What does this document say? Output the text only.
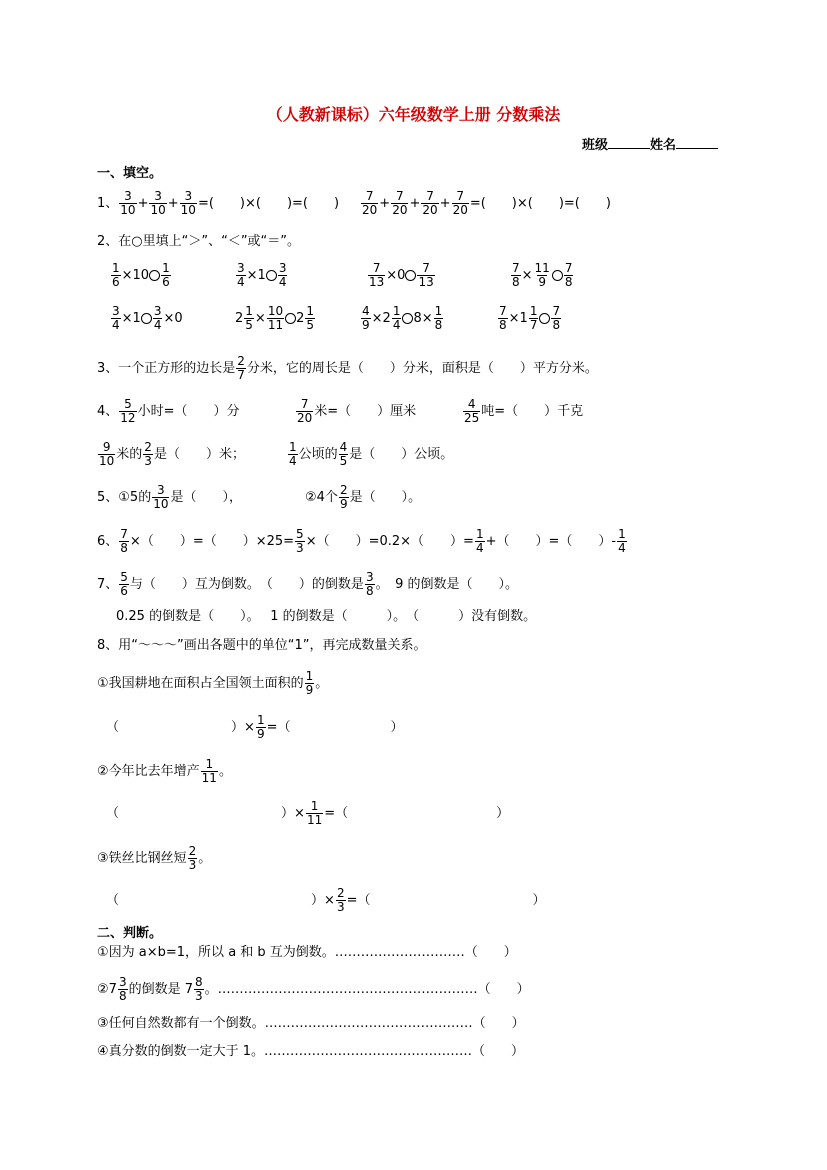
（人教新课标）六年级数学上册 分数乘法
班级	姓名
一、填空。
1、 $\frac{3}{10} + \frac{3}{10} + \frac{3}{10}$ =(　　)×(　　)=(　　) $\frac{7}{20} + \frac{7}{20} + \frac{7}{20} + \frac{7}{20}$ =(　　)×(　　)=(　　)
2、在○里填上“＞”、“＜”或“＝”。
$\frac{1}{6} \times 10 \frac{1}{6}$	$\frac{3}{4} \times 1 \frac{3}{4}$	$\frac{7}{13} \times 0 \frac{7}{13}$	$\frac{7}{8} \times \frac{11}{9} \frac{7}{8}$
$\frac{3}{4} \times 1 \frac{3}{4} \times 0$	$2 \frac{1}{5} \times \frac{10}{11} 2 \frac{1}{5}$	$\frac{4}{9} \times 2 \frac{1}{4} 8\times \frac{1}{8}$	$\frac{7}{8} \times 1 \frac{1}{7} \frac{7}{8}$
3、一个正方形的边长是 $\frac{2}{7}$ 分米，它的周长是（　　）分米，面积是（　　）平方分米。
4、 $\frac{5}{12}$ 小时=（　　）分	$\frac{7}{20}$ 米=（　　）厘米	$\frac{4}{25}$ 吨=（　　）千克
$\frac{9}{10}$ 米的 $\frac{2}{3}$ 是（　　）米；	$\frac{1}{4}$ 公顷的 $\frac{4}{5}$ 是（　　）公顷。
5、①5的 $\frac{3}{10}$ 是（　　），	②4个 $\frac{2}{9}$ 是（　　）。
6、 $\frac{7}{8}$ ×（　　）=（　　）$\times 25= \frac{5}{3}$ ×（　　）=0.2×（　　）= $\frac{1}{4}$ +（　　）=（　　）- $\frac{1}{4}$
7、 $\frac{5}{6}$ 与（　　）互为倒数。　（　　）的倒数是 $\frac{3}{8}$ 。　9 的倒数是（　　）。
0.25 的倒数是（　　）。　 1 的倒数是（　　　）。　（　　　）没有倒数。
8、用“～～～”画出各题中的单位“1”，再完成数量关系。
①我国耕地在面积占全国领土面积的 $\frac{1}{9}$ 。
（	）× $\frac{1}{9}$ =（	）
②今年比去年增产 $\frac{1}{11}$ 。
（	）× $\frac{1}{11}$ =（	）
③铁丝比钢丝短 $\frac{2}{3}$ 。
（	）× $\frac{2}{3}$ =（	）
二、判断。
①因为 a×b=1，所以 a 和 b 互为倒数。…………………………（　　）
②7 $\frac{3}{8}$ 的倒数是 $7 \frac{8}{3}$ 。……………………………………………………（　　）
③任何自然数都有一个倒数。…………………………………………（　　）
④真分数的倒数一定大于 1。…………………………………………（　　）
